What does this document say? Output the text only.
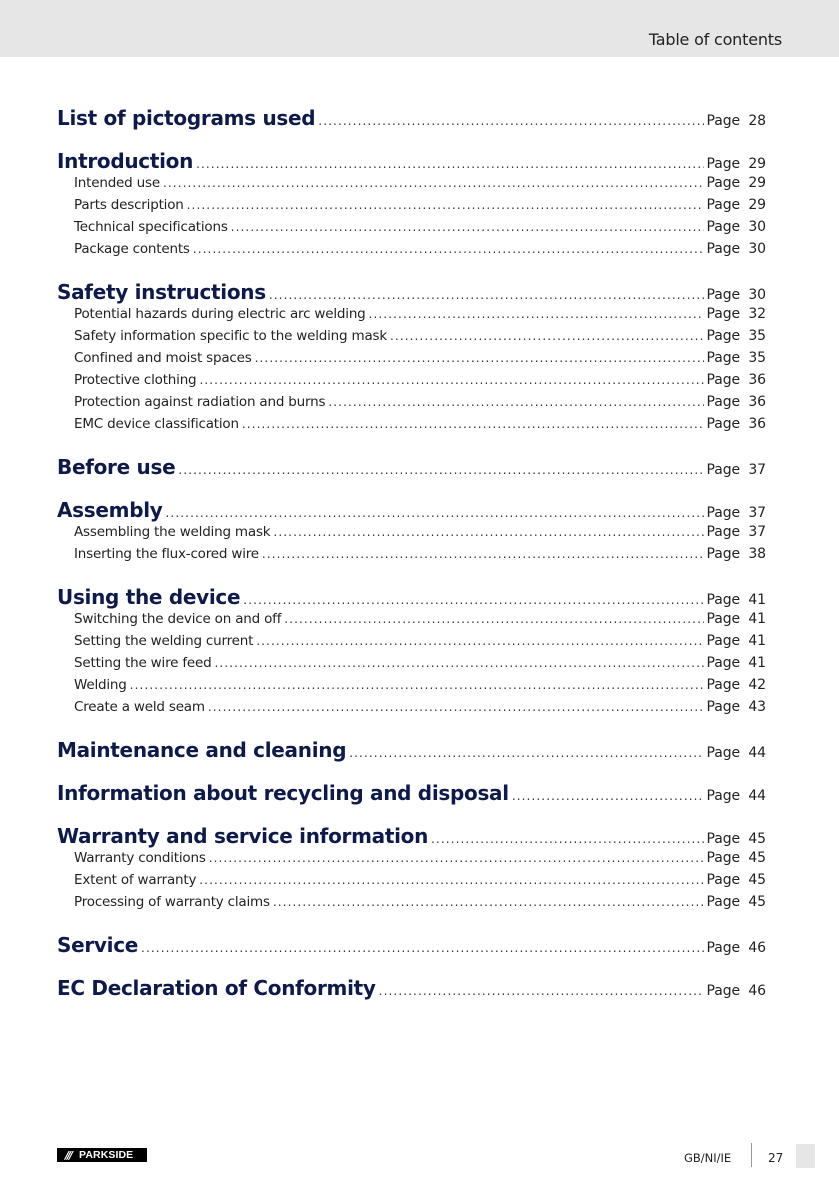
Table of contents
List of pictograms used .....	Page 28
Introduction .....	Page 29
Intended use .....	Page 29
Parts description .....	Page 29
Technical specifications .....	Page 30
Package contents .....	Page 30
Safety instructions .....	Page 30
Potential hazards during electric arc welding .....	Page 32
Safety information specific to the welding mask .....	Page 35
Confined and moist spaces .....	Page 35
Protective clothing .....	Page 36
Protection against radiation and burns .....	Page 36
EMC device classification .....	Page 36
Before use .....	Page 37
Assembly .....	Page 37
Assembling the welding mask .....	Page 37
Inserting the flux-cored wire .....	Page 38
Using the device .....	Page 41
Switching the device on and off .....	Page 41
Setting the welding current .....	Page 41
Setting the wire feed .....	Page 41
Welding .....	Page 42
Create a weld seam .....	Page 43
Maintenance and cleaning .....	Page 44
Information about recycling and disposal .....	Page 44
Warranty and service information .....	Page 45
Warranty conditions .....	Page 45
Extent of warranty .....	Page 45
Processing of warranty claims .....	Page 45
Service .....	Page 46
EC Declaration of Conformity .....	Page 46
/// PARKSIDE	GB/NI/IE	27
